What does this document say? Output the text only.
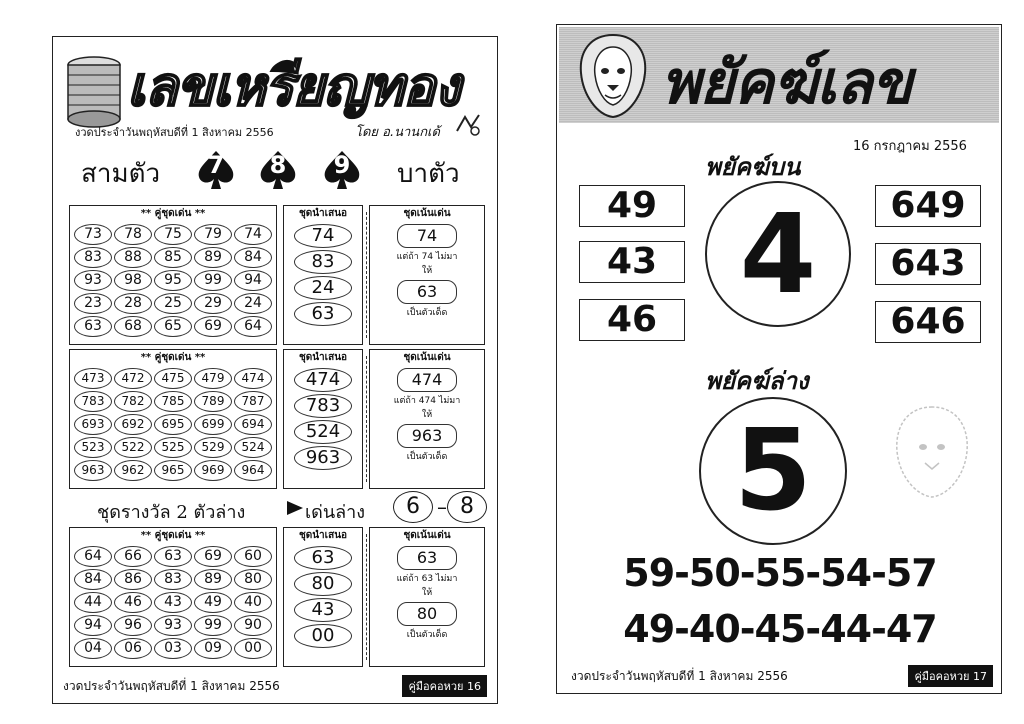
เลขเหรียญทอง
งวดประจำวันพฤหัสบดีที่ 1 สิงหาคม 2556	โดย อ.นานกเด้
สามตัว	7	8	9	บาตัว
** คู่ชุดเด่น **
73	78	75	79	74
83	88	85	89	84
93	98	95	99	94
23	28	25	29	24
63	68	65	69	64
ชุดนำเสนอ
74
83
24
63
ชุดเน้นเด่น
74
แต่ถ้า 74 ไม่มา
ให้
63
เป็นตัวเด็ด
** คู่ชุดเด่น **
473	472	475	479	474
783	782	785	789	787
693	692	695	699	694
523	522	525	529	524
963	962	965	969	964
ชุดนำเสนอ
474
783
524
963
ชุดเน้นเด่น
474
แต่ถ้า 474 ไม่มา
ให้
963
เป็นตัวเด็ด
ชุดรางวัล 2 ตัวล่าง	เด่นล่าง	6 – 8
** คู่ชุดเด่น **
64	66	63	69	60
84	86	83	89	80
44	46	43	49	40
94	96	93	99	90
04	06	03	09	00
ชุดนำเสนอ
63
80
43
00
ชุดเน้นเด่น
63
แต่ถ้า 63 ไม่มา
ให้
80
เป็นตัวเด็ด
งวดประจำวันพฤหัสบดีที่ 1 สิงหาคม 2556	คู่มือคอหวย 16
พยัคฆ์เลข
16 กรกฎาคม 2556
พยัคฆ์บน
49
43
46
4	649
643
646
พยัคฆ์ล่าง
5
59-50-55-54-57
49-40-45-44-47
งวดประจำวันพฤหัสบดีที่ 1 สิงหาคม 2556	คู่มือคอหวย 17
